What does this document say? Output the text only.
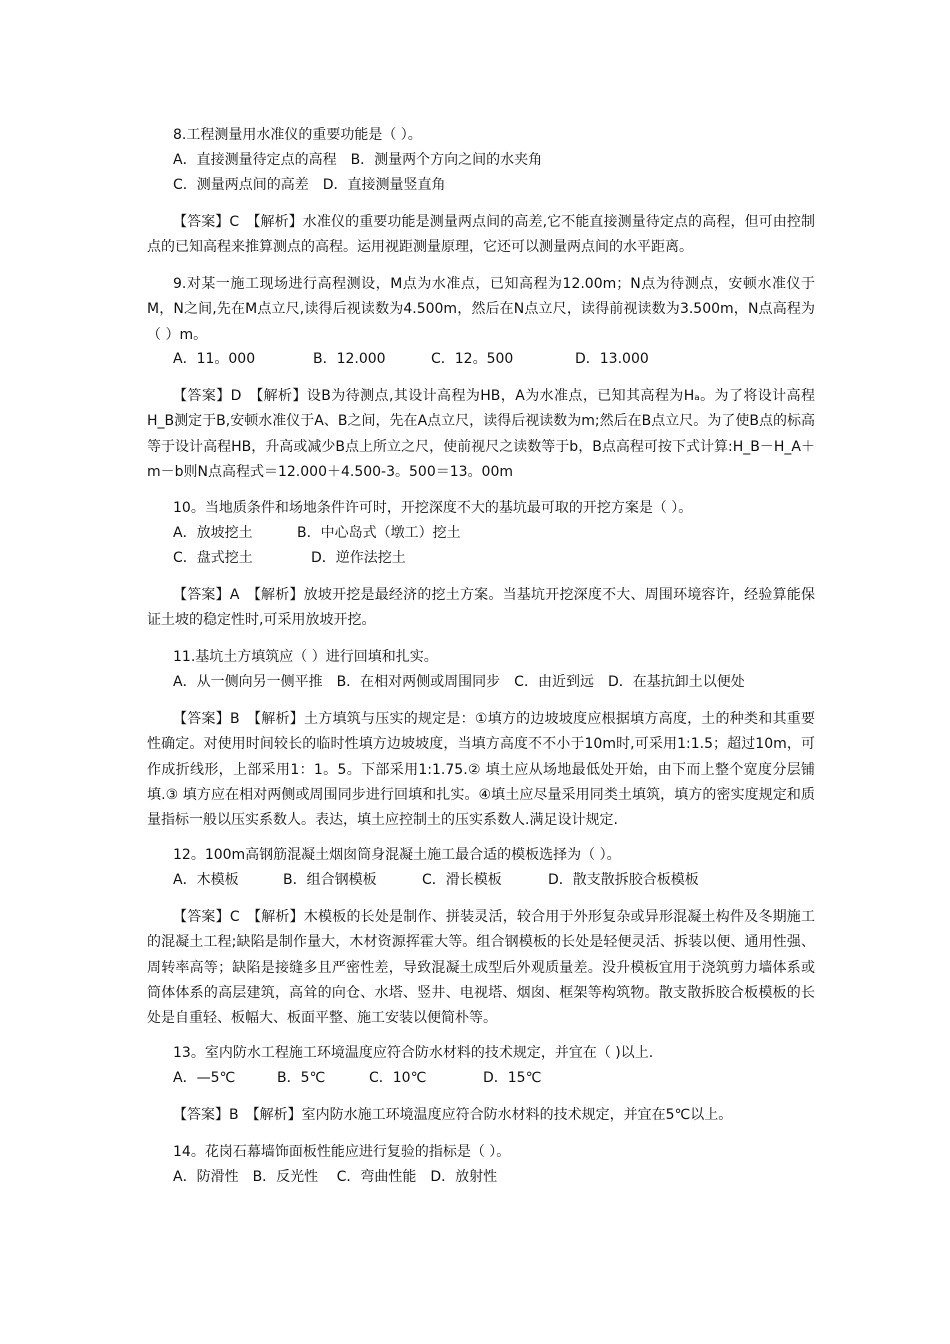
8.工程测量用水准仪的重要功能是（ ）。
A．直接测量待定点的高程　B．测量两个方向之间的水夹角
C．测量两点间的高差　D．直接测量竖直角
【答案】C　【解析】水准仪的重要功能是测量两点间的高差,它不能直接测量待定点的高程，但可由控制点的已知高程来推算测点的高程。运用视距测量原理，它还可以测量两点间的水平距离。
9.对某一施工现场进行高程测设，M点为水准点，已知高程为12.00m；N点为待测点，安顿水准仪于M，N之间,先在M点立尺,读得后视读数为4.500m，然后在N点立尺，读得前视读数为3.500m，N点高程为（ ）m。
A．11。000	B．12.000	C．12。500	D．13.000
【答案】D　【解析】设B为待测点,其设计高程为HB，A为水准点，已知其高程为Hₐ。为了将设计高程H_B测定于B,安顿水准仪于A、B之间，先在A点立尺，读得后视读数为m;然后在B点立尺。为了使B点的标高等于设计高程HB，升高或减少B点上所立之尺，使前视尺之读数等于b，B点高程可按下式计算:H_B－H_A＋m－b则N点高程式＝12.000＋4.500-3。500＝13。00m
10。当地质条件和场地条件许可时，开挖深度不大的基坑最可取的开挖方案是（ ）。
A．放坡挖土	B．中心岛式（墩工）挖土
C．盘式挖土	D．逆作法挖土
【答案】A　【解析】放坡开挖是最经济的挖土方案。当基坑开挖深度不大、周围环境容许，经验算能保证土坡的稳定性时,可采用放坡开挖。
11.基坑土方填筑应（ ）进行回填和扎实。
A．从一侧向另一侧平推　B．在相对两侧或周围同步　C．由近到远　D．在基抗卸土以便处
【答案】B　【解析】土方填筑与压实的规定是：①填方的边坡坡度应根据填方高度，土的种类和其重要性确定。对使用时间较长的临时性填方边坡坡度，当填方高度不不小于10m时,可采用1:1.5；超过10m，可作成折线形，上部采用1：1。5。下部采用1:1.75.② 填土应从场地最低处开始，由下而上整个宽度分层铺填.③ 填方应在相对两侧或周围同步进行回填和扎实。④填土应尽量采用同类土填筑，填方的密实度规定和质量指标一般以压实系数人。表达，填土应控制土的压实系数人.满足设计规定.
12。100m高钢筋混凝土烟囱筒身混凝土施工最合适的模板选择为（ ）。
A．木模板	B．组合钢模板	C．滑长模板	D．散支散拆胶合板模板
【答案】C　【解析】木模板的长处是制作、拼装灵活，较合用于外形复杂或异形混凝土构件及冬期施工的混凝土工程;缺陷是制作量大，木材资源挥霍大等。组合钢模板的长处是轻便灵活、拆装以便、通用性强、周转率高等；缺陷是接缝多且严密性差，导致混凝土成型后外观质量差。没升模板宜用于浇筑剪力墙体系或筒体体系的高层建筑，高耸的向仓、水塔、竖井、电视塔、烟囱、框架等构筑物。散支散拆胶合板模板的长处是自重轻、板幅大、板面平整、施工安装以便简朴等。
13。室内防水工程施工环境温度应符合防水材料的技术规定，并宜在（ )以上.
A．—5℃	B．5℃	C．10℃	D．15℃
【答案】B　【解析】室内防水施工环境温度应符合防水材料的技术规定，并宜在5℃以上。
14。花岗石幕墙饰面板性能应进行复验的指标是（ ）。
A．防滑性　B．反光性　 C．弯曲性能　D．放射性
